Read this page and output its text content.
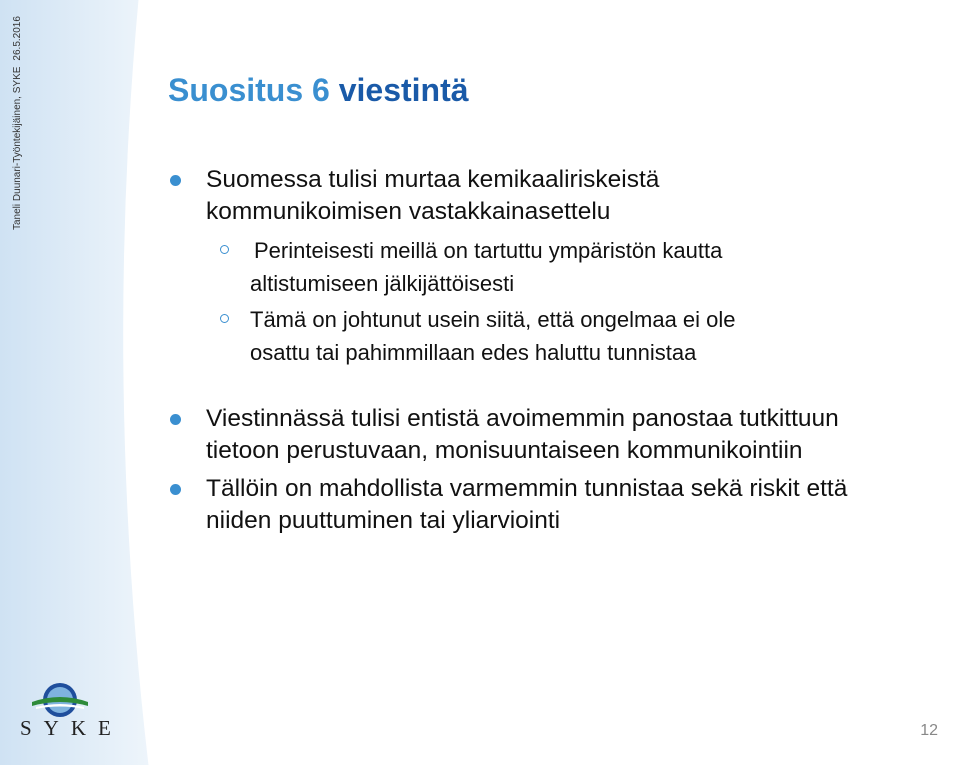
Taneli Duunari-Työntekijäinen, SYKE26.5.2016
Suositus 6 viestintä
Suomessa tulisi murtaa kemikaaliriskeistä
kommunikoimisen vastakkainasettelu
Perinteisesti meillä on tartuttu ympäristön kautta
altistumiseen jälkijättöisesti
Tämä on johtunut usein siitä, että ongelmaa ei ole
osattu tai pahimmillaan edes haluttu tunnistaa
Viestinnässä tulisi entistä avoimemmin panostaa tutkittuun
tietoon perustuvaan, monisuuntaiseen kommunikointiin
Tällöin on mahdollista varmemmin tunnistaa sekä riskit että
niiden puuttuminen tai yliarviointi
SYKE	12
